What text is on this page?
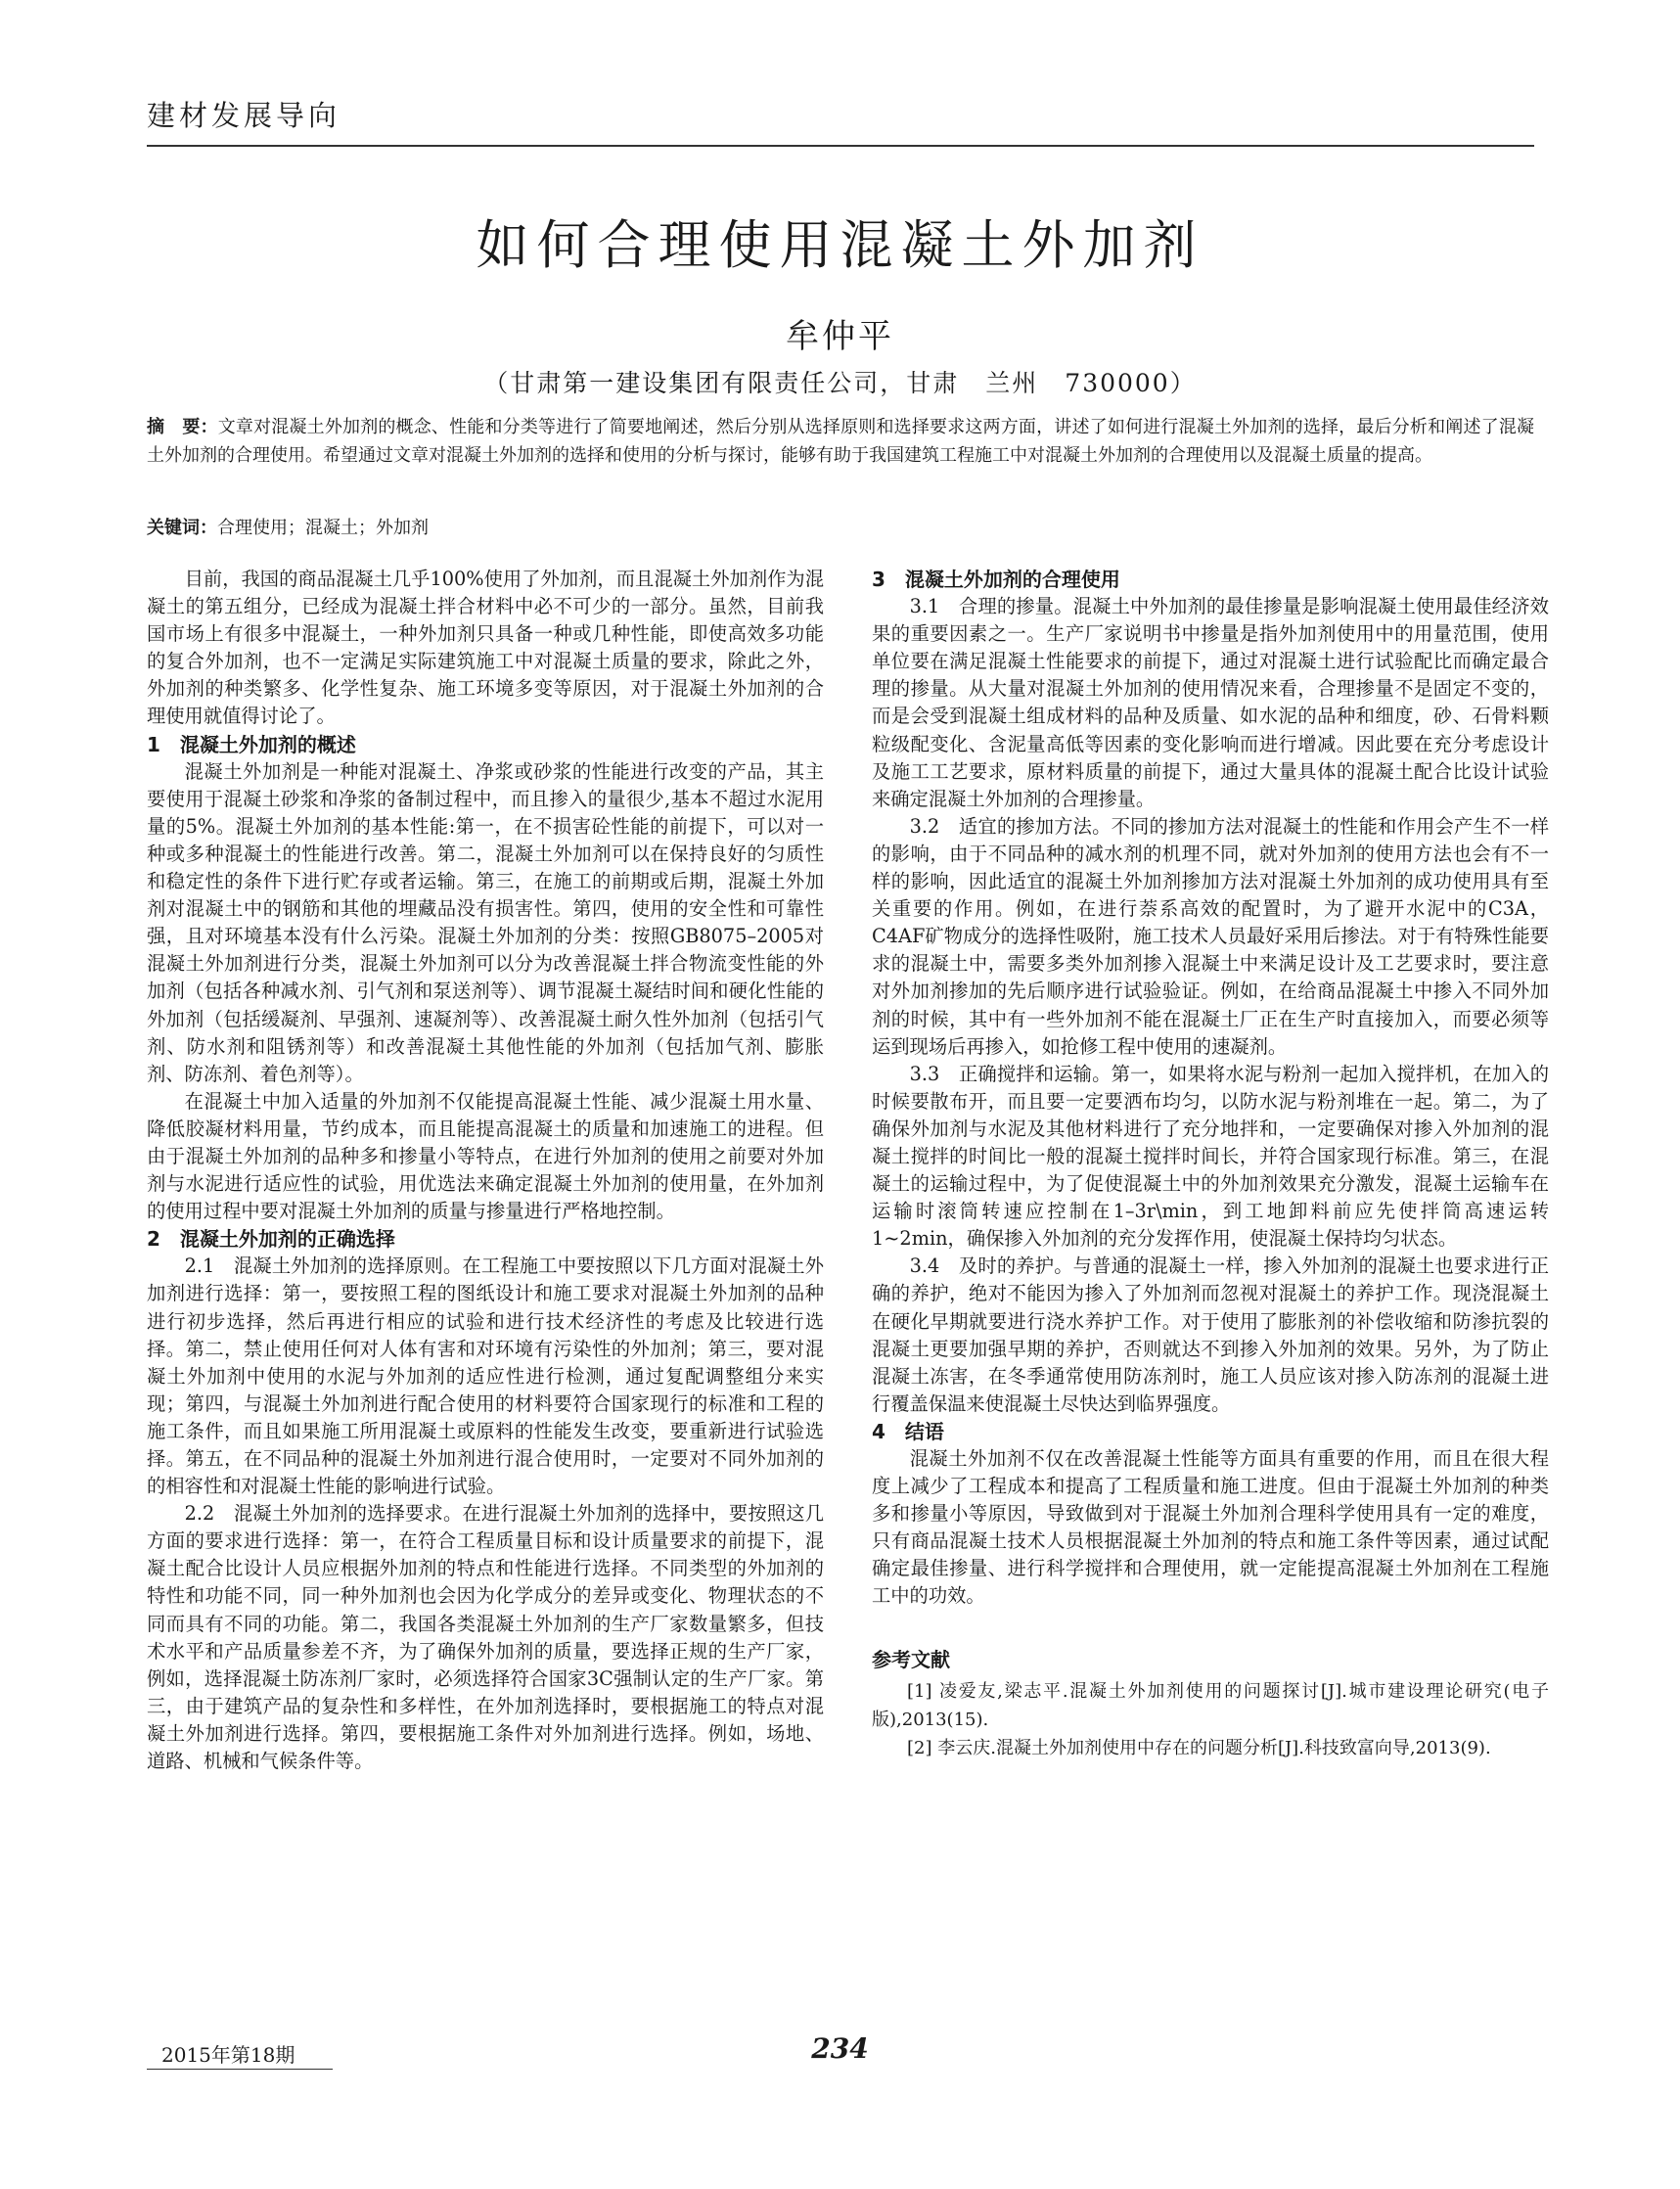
建材发展导向
如何合理使用混凝土外加剂
牟仲平
（甘肃第一建设集团有限责任公司，甘肃　兰州　730000）
摘　要：文章对混凝土外加剂的概念、性能和分类等进行了简要地阐述，然后分别从选择原则和选择要求这两方面，讲述了如何进行混凝土外加剂的选择，最后分析和阐述了混凝土外加剂的合理使用。希望通过文章对混凝土外加剂的选择和使用的分析与探讨，能够有助于我国建筑工程施工中对混凝土外加剂的合理使用以及混凝土质量的提高。
关键词：合理使用；混凝土；外加剂

目前，我国的商品混凝土几乎100%使用了外加剂，而且混凝土外加剂作为混凝土的第五组分，已经成为混凝土拌合材料中必不可少的一部分。虽然，目前我国市场上有很多中混凝土，一种外加剂只具备一种或几种性能，即使高效多功能的复合外加剂，也不一定满足实际建筑施工中对混凝土质量的要求，除此之外，外加剂的种类繁多、化学性复杂、施工环境多变等原因，对于混凝土外加剂的合理使用就值得讨论了。

1　混凝土外加剂的概述

混凝土外加剂是一种能对混凝土、净浆或砂浆的性能进行改变的产品，其主要使用于混凝土砂浆和净浆的备制过程中，而且掺入的量很少,基本不超过水泥用量的5%。混凝土外加剂的基本性能:第一，在不损害砼性能的前提下，可以对一种或多种混凝土的性能进行改善。第二，混凝土外加剂可以在保持良好的匀质性和稳定性的条件下进行贮存或者运输。第三，在施工的前期或后期，混凝土外加剂对混凝土中的钢筋和其他的埋藏品没有损害性。第四，使用的安全性和可靠性强，且对环境基本没有什么污染。混凝土外加剂的分类：按照GB8075–2005对混凝土外加剂进行分类，混凝土外加剂可以分为改善混凝土拌合物流变性能的外加剂（包括各种减水剂、引气剂和泵送剂等）、调节混凝土凝结时间和硬化性能的外加剂（包括缓凝剂、早强剂、速凝剂等）、改善混凝土耐久性外加剂（包括引气剂、防水剂和阻锈剂等）和改善混凝土其他性能的外加剂（包括加气剂、膨胀剂、防冻剂、着色剂等）。

在混凝土中加入适量的外加剂不仅能提高混凝土性能、减少混凝土用水量、降低胶凝材料用量，节约成本，而且能提高混凝土的质量和加速施工的进程。但由于混凝土外加剂的品种多和掺量小等特点，在进行外加剂的使用之前要对外加剂与水泥进行适应性的试验，用优选法来确定混凝土外加剂的使用量，在外加剂的使用过程中要对混凝土外加剂的质量与掺量进行严格地控制。

2　混凝土外加剂的正确选择

2.1　混凝土外加剂的选择原则。在工程施工中要按照以下几方面对混凝土外加剂进行选择：第一，要按照工程的图纸设计和施工要求对混凝土外加剂的品种进行初步选择，然后再进行相应的试验和进行技术经济性的考虑及比较进行选择。第二，禁止使用任何对人体有害和对环境有污染性的外加剂；第三，要对混凝土外加剂中使用的水泥与外加剂的适应性进行检测，通过复配调整组分来实现；第四，与混凝土外加剂进行配合使用的材料要符合国家现行的标准和工程的施工条件，而且如果施工所用混凝土或原料的性能发生改变，要重新进行试验选择。第五，在不同品种的混凝土外加剂进行混合使用时，一定要对不同外加剂的的相容性和对混凝土性能的影响进行试验。

2.2　混凝土外加剂的选择要求。在进行混凝土外加剂的选择中，要按照这几方面的要求进行选择：第一，在符合工程质量目标和设计质量要求的前提下，混凝土配合比设计人员应根据外加剂的特点和性能进行选择。不同类型的外加剂的特性和功能不同，同一种外加剂也会因为化学成分的差异或变化、物理状态的不同而具有不同的功能。第二，我国各类混凝土外加剂的生产厂家数量繁多，但技术水平和产品质量参差不齐，为了确保外加剂的质量，要选择正规的生产厂家，例如，选择混凝土防冻剂厂家时，必须选择符合国家3C强制认定的生产厂家。第三，由于建筑产品的复杂性和多样性，在外加剂选择时，要根据施工的特点对混凝土外加剂进行选择。第四，要根据施工条件对外加剂进行选择。例如，场地、道路、机械和气候条件等。

3　混凝土外加剂的合理使用

3.1　合理的掺量。混凝土中外加剂的最佳掺量是影响混凝土使用最佳经济效果的重要因素之一。生产厂家说明书中掺量是指外加剂使用中的用量范围，使用单位要在满足混凝土性能要求的前提下，通过对混凝土进行试验配比而确定最合理的掺量。从大量对混凝土外加剂的使用情况来看，合理掺量不是固定不变的，而是会受到混凝土组成材料的品种及质量、如水泥的品种和细度，砂、石骨料颗粒级配变化、含泥量高低等因素的变化影响而进行增减。因此要在充分考虑设计及施工工艺要求，原材料质量的前提下，通过大量具体的混凝土配合比设计试验来确定混凝土外加剂的合理掺量。

3.2　适宜的掺加方法。不同的掺加方法对混凝土的性能和作用会产生不一样的影响，由于不同品种的减水剂的机理不同，就对外加剂的使用方法也会有不一样的影响，因此适宜的混凝土外加剂掺加方法对混凝土外加剂的成功使用具有至关重要的作用。例如，在进行萘系高效的配置时，为了避开水泥中的C3A，C4AF矿物成分的选择性吸附，施工技术人员最好采用后掺法。对于有特殊性能要求的混凝土中，需要多类外加剂掺入混凝土中来满足设计及工艺要求时，要注意对外加剂掺加的先后顺序进行试验验证。例如，在给商品混凝土中掺入不同外加剂的时候，其中有一些外加剂不能在混凝土厂正在生产时直接加入，而要必须等运到现场后再掺入，如抢修工程中使用的速凝剂。

3.3　正确搅拌和运输。第一，如果将水泥与粉剂一起加入搅拌机，在加入的时候要散布开，而且要一定要洒布均匀，以防水泥与粉剂堆在一起。第二，为了确保外加剂与水泥及其他材料进行了充分地拌和，一定要确保对掺入外加剂的混凝土搅拌的时间比一般的混凝土搅拌时间长，并符合国家现行标准。第三，在混凝土的运输过程中，为了促使混凝土中的外加剂效果充分激发，混凝土运输车在运输时滚筒转速应控制在1–3r\min，到工地卸料前应先使拌筒高速运转1~2min，确保掺入外加剂的充分发挥作用，使混凝土保持均匀状态。

3.4　及时的养护。与普通的混凝土一样，掺入外加剂的混凝土也要求进行正确的养护，绝对不能因为掺入了外加剂而忽视对混凝土的养护工作。现浇混凝土在硬化早期就要进行浇水养护工作。对于使用了膨胀剂的补偿收缩和防渗抗裂的混凝土更要加强早期的养护，否则就达不到掺入外加剂的效果。另外，为了防止混凝土冻害，在冬季通常使用防冻剂时，施工人员应该对掺入防冻剂的混凝土进行覆盖保温来使混凝土尽快达到临界强度。

4　结语

混凝土外加剂不仅在改善混凝土性能等方面具有重要的作用，而且在很大程度上减少了工程成本和提高了工程质量和施工进度。但由于混凝土外加剂的种类多和掺量小等原因，导致做到对于混凝土外加剂合理科学使用具有一定的难度，只有商品混凝土技术人员根据混凝土外加剂的特点和施工条件等因素，通过试配确定最佳掺量、进行科学搅拌和合理使用，就一定能提高混凝土外加剂在工程施工中的功效。

参考文献

[1] 凌爱友,梁志平.混凝土外加剂使用的问题探讨[J].城市建设理论研究(电子版),2013(15).

[2] 李云庆.混凝土外加剂使用中存在的问题分析[J].科技致富向导,2013(9).

2015年第18期	234
